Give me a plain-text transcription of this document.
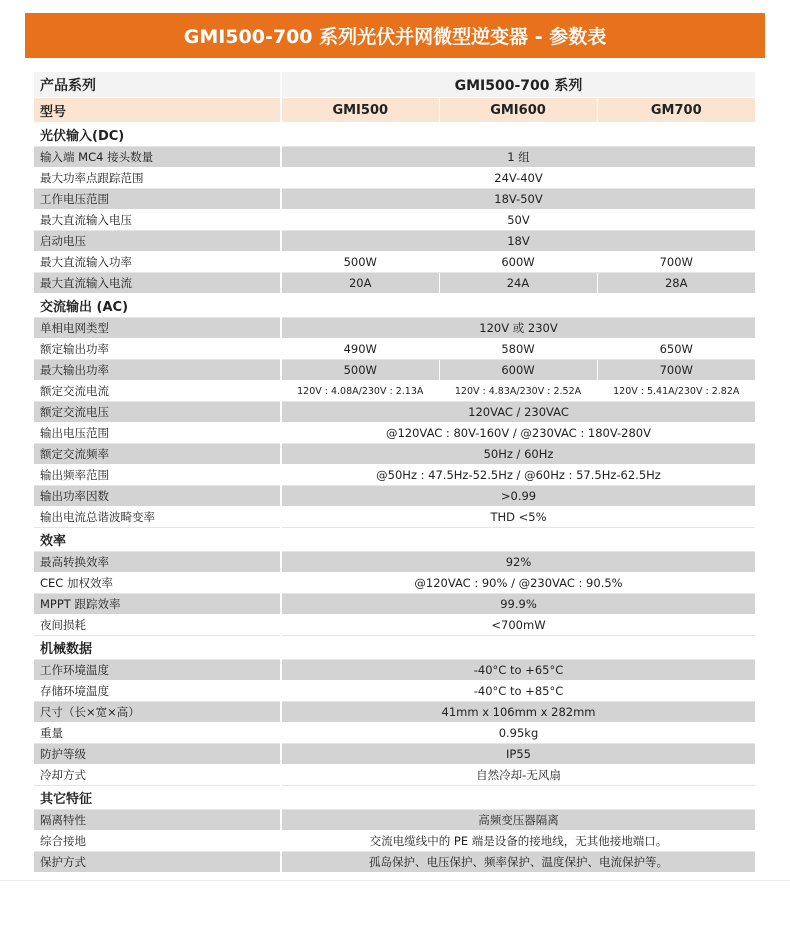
GMI500-700 系列光伏并网微型逆变器 - 参数表
产品系列	GMI500-700 系列		
型号	GMI500	GMI600	GM700
光伏输入(DC)			
输入端 MC4 接头数量	1 组		
最大功率点跟踪范围	24V-40V		
工作电压范围	18V-50V		
最大直流输入电压	50V		
启动电压	18V		
最大直流输入功率	500W	600W	700W
最大直流输入电流	20A	24A	28A
交流输出 (AC)			
单相电网类型	120V 或 230V		
额定输出功率	490W	580W	650W
最大输出功率	500W	600W	700W
额定交流电流	120V : 4.08A/230V : 2.13A	120V : 4.83A/230V : 2.52A	120V : 5.41A/230V : 2.82A
额定交流电压	120VAC / 230VAC		
输出电压范围	@120VAC : 80V-160V / @230VAC : 180V-280V		
额定交流频率	50Hz / 60Hz		
输出频率范围	@50Hz : 47.5Hz-52.5Hz / @60Hz : 57.5Hz-62.5Hz		
输出功率因数	>0.99		
输出电流总谐波畸变率	THD <5%		
效率			
最高转换效率	92%		
CEC 加权效率	@120VAC : 90% / @230VAC : 90.5%		
MPPT 跟踪效率	99.9%		
夜间损耗	<700mW		
机械数据			
工作环境温度	-40°C to +65°C		
存储环境温度	-40°C to +85°C		
尺寸（长×宽×高）	41mm x 106mm x 282mm		
重量	0.95kg		
防护等级	IP55		
冷却方式	自然冷却-无风扇		
其它特征			
隔离特性	高频变压器隔离		
综合接地	交流电缆线中的 PE 端是设备的接地线，无其他接地端口。		
保护方式	孤岛保护、电压保护、频率保护、温度保护、电流保护等。		
